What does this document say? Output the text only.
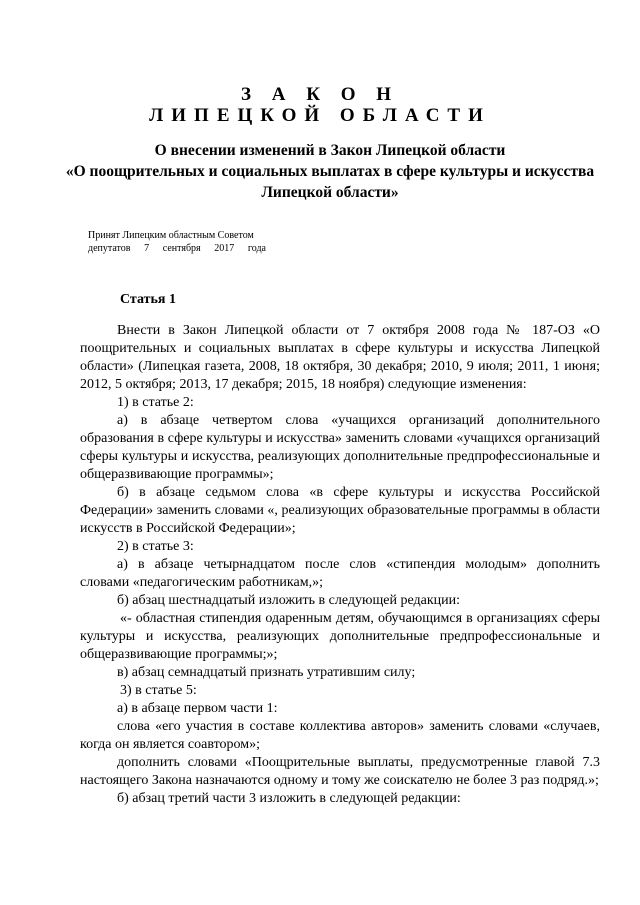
З А К О Н
ЛИПЕЦКОЙ ОБЛАСТИ
О внесении изменений в Закон Липецкой области
«О поощрительных и социальных выплатах в сфере культуры и искусства Липецкой области»
Принят Липецким областным Советом
депутатов 7 сентября 2017 года
Статья 1

Внести в Закон Липецкой области от 7 октября 2008 года № 187-ОЗ «О поощрительных и социальных выплатах в сфере культуры и искусства Липецкой области» (Липецкая газета, 2008, 18 октября, 30 декабря; 2010, 9 июля; 2011, 1 июня; 2012, 5 октября; 2013, 17 декабря; 2015, 18 ноября) следующие изменения:

1) в статье 2:

а) в абзаце четвертом слова «учащихся организаций дополнительного образования в сфере культуры и искусства» заменить словами «учащихся организаций сферы культуры и искусства, реализующих дополнительные предпрофессиональные и общеразвивающие программы»;

б) в абзаце седьмом слова «в сфере культуры и искусства Российской Федерации» заменить словами «, реализующих образовательные программы в области искусств в Российской Федерации»;

2) в статье 3:

а) в абзаце четырнадцатом после слов «стипендия молодым» дополнить словами «педагогическим работникам,»;

б) абзац шестнадцатый изложить в следующей редакции:

«- областная стипендия одаренным детям, обучающимся в организациях сферы культуры и искусства, реализующих дополнительные предпрофессиональные и общеразвивающие программы;»;

в) абзац семнадцатый признать утратившим силу;

3) в статье 5:

а) в абзаце первом части 1:

слова «его участия в составе коллектива авторов» заменить словами «случаев, когда он является соавтором»;

дополнить словами «Поощрительные выплаты, предусмотренные главой 7.3 настоящего Закона назначаются одному и тому же соискателю не более 3 раз подряд.»;

б) абзац третий части 3 изложить в следующей редакции:
